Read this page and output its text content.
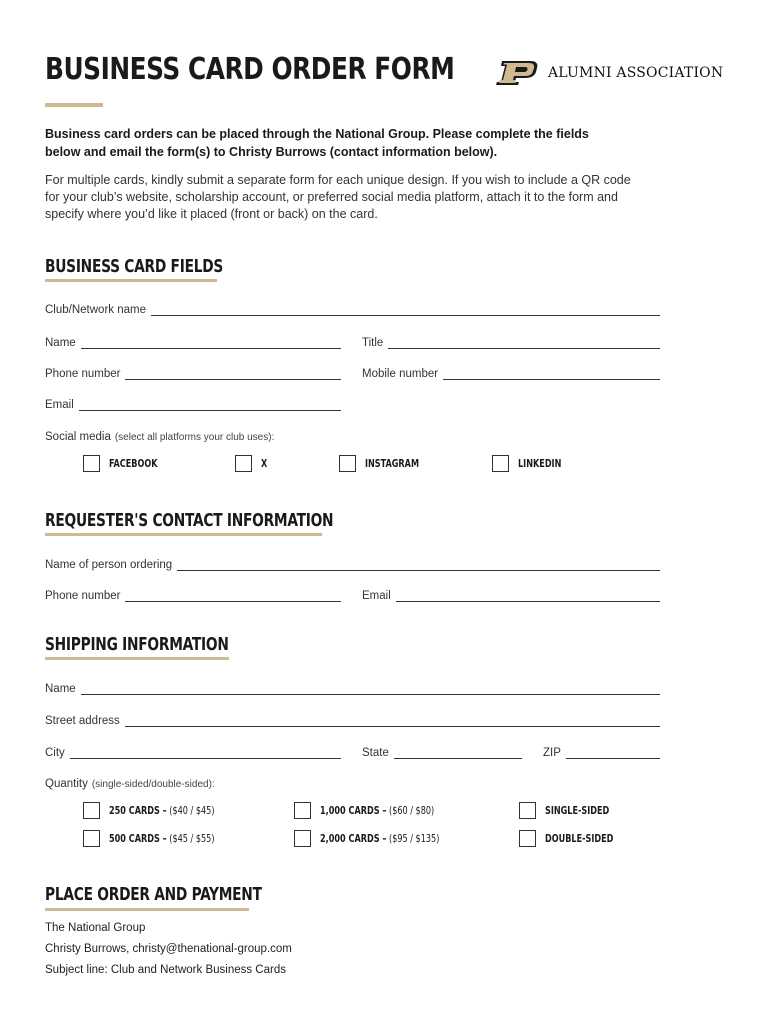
BUSINESS CARD ORDER FORM	ALUMNI ASSOCIATION
Business card orders can be placed through the National Group. Please complete the fields below and email the form(s) to Christy Burrows (contact information below).
For multiple cards, kindly submit a separate form for each unique design. If you wish to include a QR code for your club’s website, scholarship account, or preferred social media platform, attach it to the form and specify where you’d like it placed (front or back) on the card.
BUSINESS CARD FIELDS
Club/Network name
Name	Title
Phone number	Mobile number
Email
Social media (select all platforms your club uses):
FACEBOOK	X	INSTAGRAM	LINKEDIN
REQUESTER'S CONTACT INFORMATION
Name of person ordering
Phone number	Email
SHIPPING INFORMATION
Name
Street address
City	State	ZIP
Quantity (single-sided/double-sided):
250 CARDS – ($40 / $45)	1,000 CARDS – ($60 / $80)	SINGLE-SIDED
500 CARDS – ($45 / $55)	2,000 CARDS – ($95 / $135)	DOUBLE-SIDED
PLACE ORDER AND PAYMENT
The National Group
Christy Burrows, christy@thenational-group.com
Subject line: Club and Network Business Cards
